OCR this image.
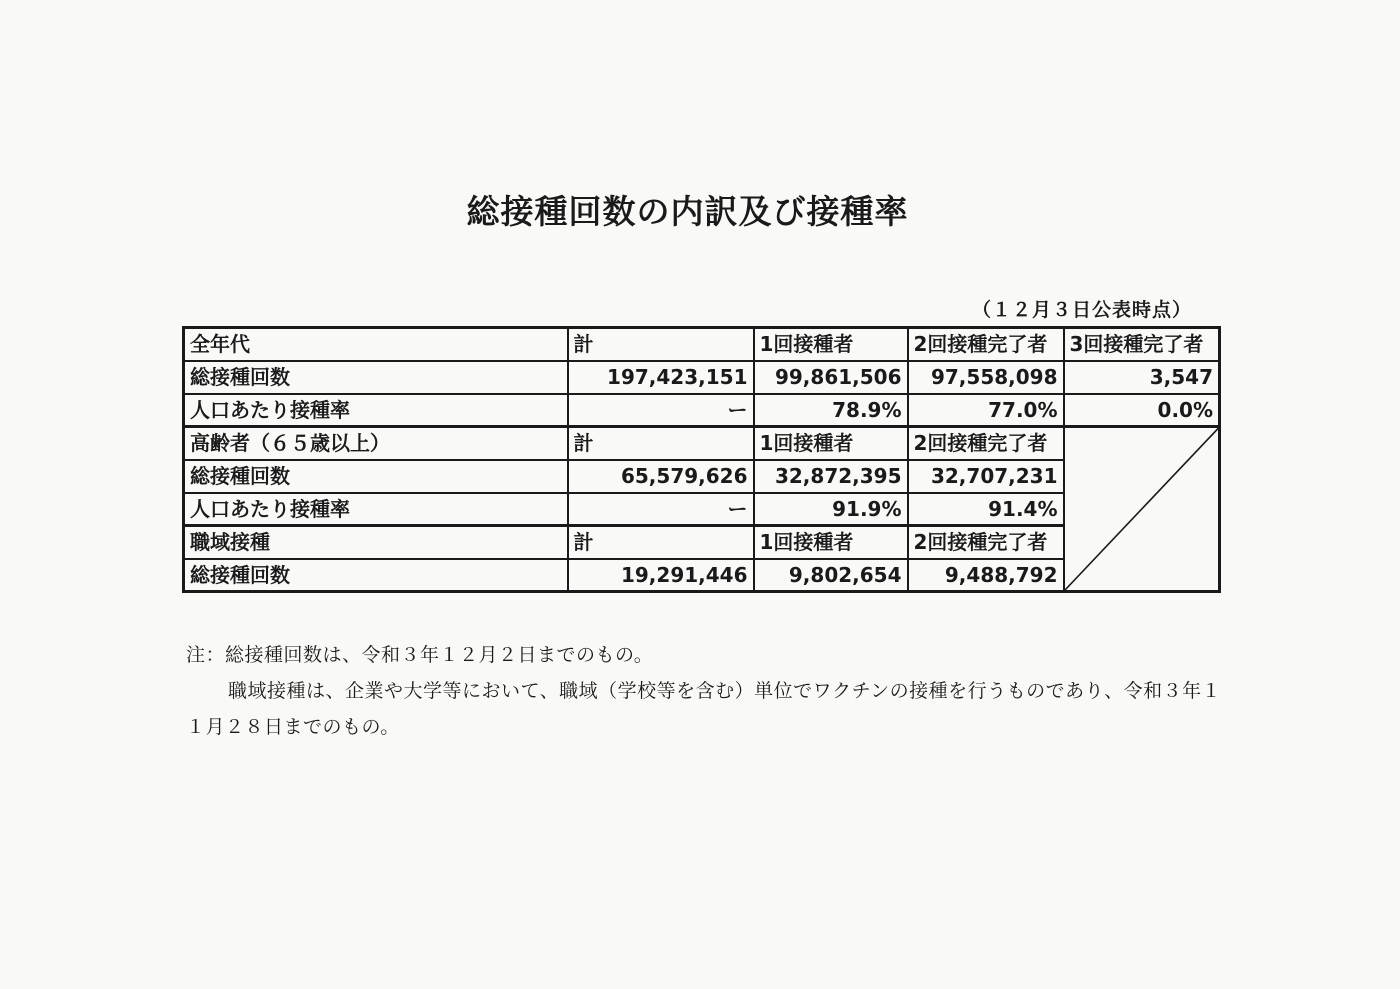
総接種回数の内訳及び接種率
（１２月３日公表時点）
全年代	計	1回接種者	2回接種完了者	3回接種完了者
総接種回数	197,423,151	99,861,506	97,558,098	3,547
人口あたり接種率	ー	78.9%	77.0%	0.0%
高齢者（６５歳以上）	計	1回接種者	2回接種完了者	

総接種回数	65,579,626	32,872,395	32,707,231	
人口あたり接種率	ー	91.9%	91.4%	
職域接種	計	1回接種者	2回接種完了者	
総接種回数	19,291,446	9,802,654	9,488,792	

注：総接種回数は、令和３年１２月２日までのもの。

職域接種は、企業や大学等において、職域（学校等を含む）単位でワクチンの接種を行うものであり、令和３年１１月２８日までのもの。
